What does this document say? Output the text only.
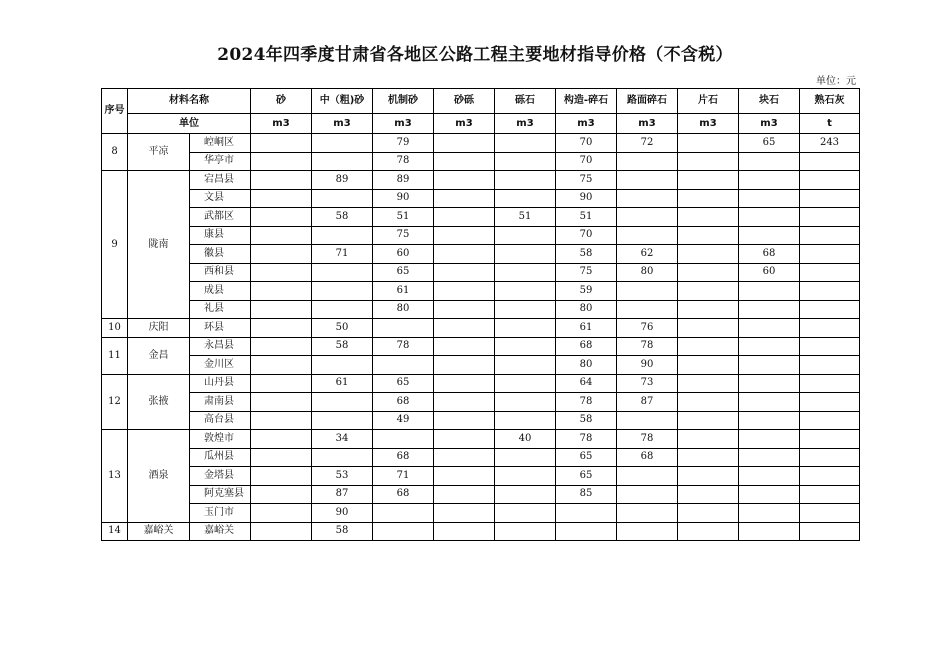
2024年四季度甘肃省各地区公路工程主要地材指导价格（不含税）
单位：元
序号	材料名称		砂	中（粗)砂	机制砂	砂砾	砾石	构造-碎石	路面碎石	片石	块石	熟石灰
	单位		m3	m3	m3	m3	m3	m3	m3	m3	m3	t
8	平凉	崆峒区			79			70	72		65	243
		华亭市			78			70				
9	陇南	宕昌县		89	89			75				
		文县			90			90				
		武都区		58	51		51	51				
		康县			75			70				
		徽县		71	60			58	62		68	
		西和县			65			75	80		60	
		成县			61			59				
		礼县			80			80				
10	庆阳	环县		50				61	76			
11	金昌	永昌县		58	78			68	78			
		金川区						80	90			
12	张掖	山丹县		61	65			64	73			
		肃南县			68			78	87			
		高台县			49			58				
13	酒泉	敦煌市		34			40	78	78			
		瓜州县			68			65	68			
		金塔县		53	71			65				
		阿克塞县		87	68			85				
		玉门市		90								
14	嘉峪关	嘉峪关		58								
